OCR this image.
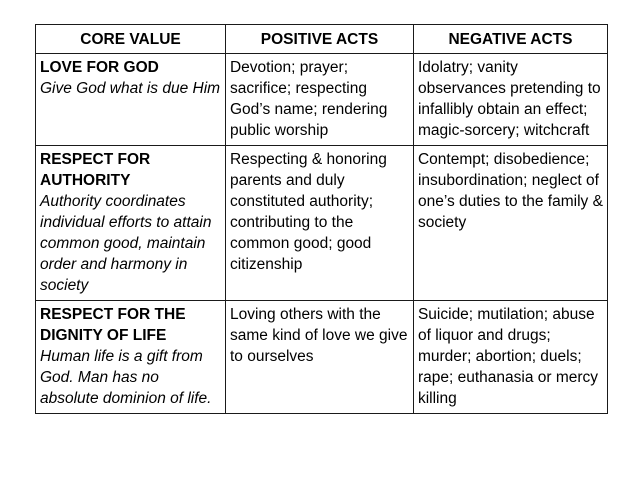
CORE VALUE	POSITIVE ACTS	NEGATIVE ACTS

LOVE FOR GOD
Give God what is due Him	Devotion; prayer; sacrifice; respecting God’s name; rendering public worship	Idolatry; vanity observances pretending to infallibly obtain an effect; magic-sorcery; witchcraft

RESPECT FOR AUTHORITY
Authority coordinates individual efforts to attain common good, maintain order and harmony in society	Respecting & honoring parents and duly constituted authority; contributing to the common good; good citizenship	Contempt; disobedience; insubordination; neglect of one’s duties to the family & society

RESPECT FOR THE DIGNITY OF LIFE
Human life is a gift from God. Man has no absolute dominion of life.	Loving others with the same kind of love we give to ourselves	Suicide; mutilation; abuse of liquor and drugs; murder; abortion; duels; rape; euthanasia or mercy killing
